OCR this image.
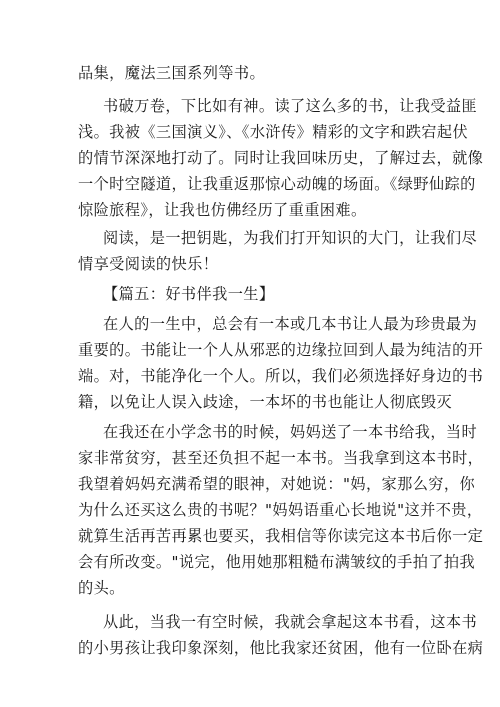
品集，魔法三国系列等书。
书破万卷，下比如有神。读了这么多的书，让我受益匪
浅。我被《三国演义》、《水浒传》精彩的文字和跌宕起伏
的情节深深地打动了。同时让我回味历史，了解过去，就像
一个时空隧道，让我重返那惊心动魄的场面。《绿野仙踪的
惊险旅程》，让我也仿佛经历了重重困难。
阅读，是一把钥匙，为我们打开知识的大门，让我们尽
情享受阅读的快乐！
【篇五：好书伴我一生】
在人的一生中，总会有一本或几本书让人最为珍贵最为
重要的。书能让一个人从邪恶的边缘拉回到人最为纯洁的开
端。对，书能净化一个人。所以，我们必须选择好身边的书
籍，以免让人误入歧途，一本坏的书也能让人彻底毁灭
在我还在小学念书的时候，妈妈送了一本书给我，当时
家非常贫穷，甚至还负担不起一本书。当我拿到这本书时，
我望着妈妈充满希望的眼神，对她说："妈，家那么穷，你
为什么还买这么贵的书呢？"妈妈语重心长地说"这并不贵，
就算生活再苦再累也要买，我相信等你读完这本书后你一定
会有所改变。"说完，他用她那粗糙布满皱纹的手拍了拍我
的头。
从此，当我一有空时候，我就会拿起这本书看，这本书
的小男孩让我印象深刻，他比我家还贫困，他有一位卧在病
